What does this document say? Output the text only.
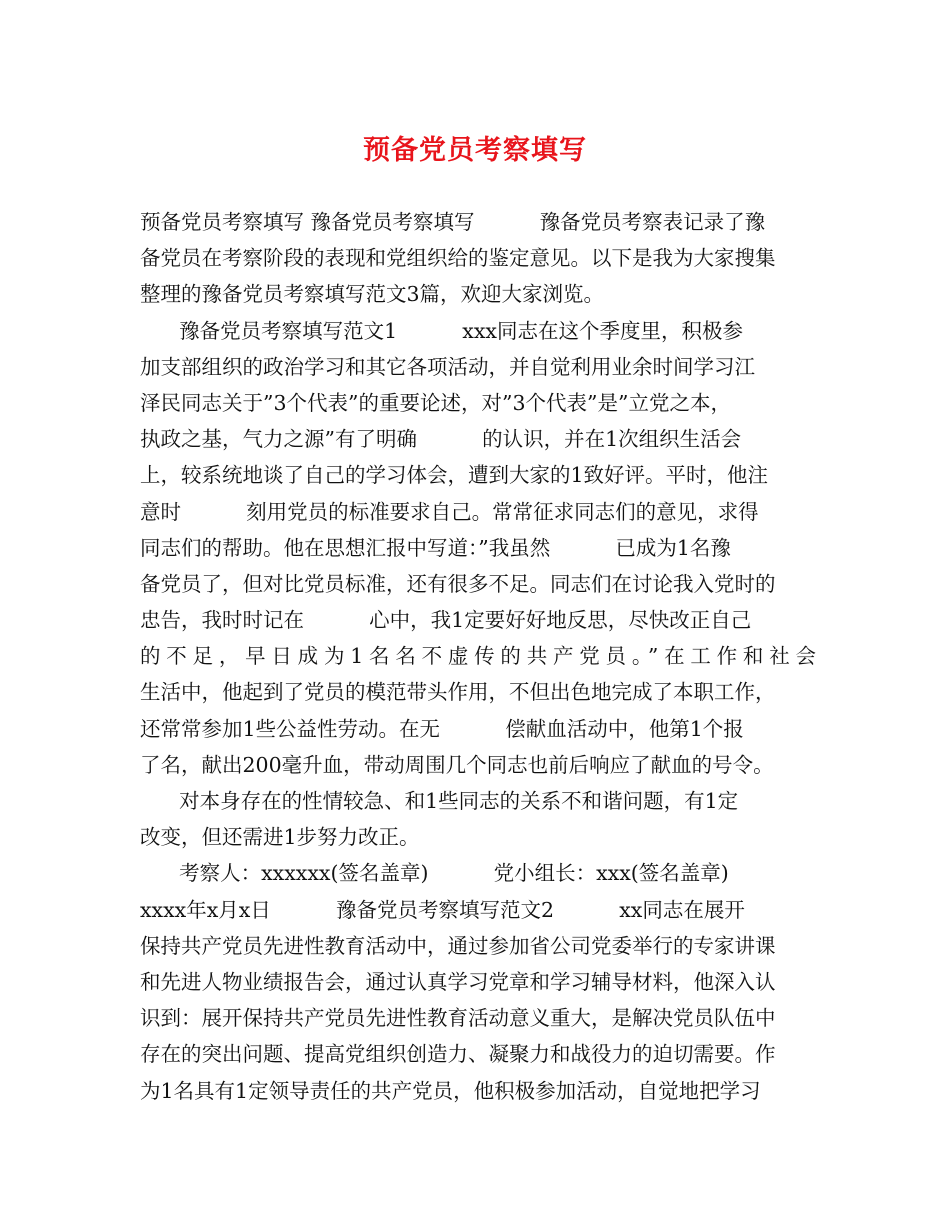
预备党员考察填写
预备党员考察填写 豫备党员考察填写          豫备党员考察表记录了豫
备党员在考察阶段的表现和党组织给的鉴定意见。以下是我为大家搜集
整理的豫备党员考察填写范文3篇，欢迎大家浏览。
豫备党员考察填写范文1          xxx同志在这个季度里，积极参
加支部组织的政治学习和其它各项活动，并自觉利用业余时间学习江
泽民同志关于”3个代表”的重要论述，对”3个代表”是”立党之本，
执政之基，气力之源”有了明确          的认识，并在1次组织生活会
上，较系统地谈了自己的学习体会，遭到大家的1致好评。平时，他注
意时          刻用党员的标准要求自己。常常征求同志们的意见，求得
同志们的帮助。他在思想汇报中写道：”我虽然          已成为1名豫
备党员了，但对比党员标准，还有很多不足。同志们在讨论我入党时的
忠告，我时时记在          心中，我1定要好好地反思，尽快改正自己
的不足，早日成为1名名不虚传的共产党员。”在工作和社会
生活中，他起到了党员的模范带头作用，不但出色地完成了本职工作，
还常常参加1些公益性劳动。在无          偿献血活动中，他第1个报
了名，献出200毫升血，带动周围几个同志也前后响应了献血的号令。
对本身存在的性情较急、和1些同志的关系不和谐问题，有1定
改变，但还需进1步努力改正。
考察人：xxxxxx(签名盖章)          党小组长：xxx(签名盖章)
xxxx年x月x日          豫备党员考察填写范文2          xx同志在展开
保持共产党员先进性教育活动中，通过参加省公司党委举行的专家讲课
和先进人物业绩报告会，通过认真学习党章和学习辅导材料，他深入认
识到：展开保持共产党员先进性教育活动意义重大，是解决党员队伍中
存在的突出问题、提高党组织创造力、凝聚力和战役力的迫切需要。作
为1名具有1定领导责任的共产党员，他积极参加活动，自觉地把学习
